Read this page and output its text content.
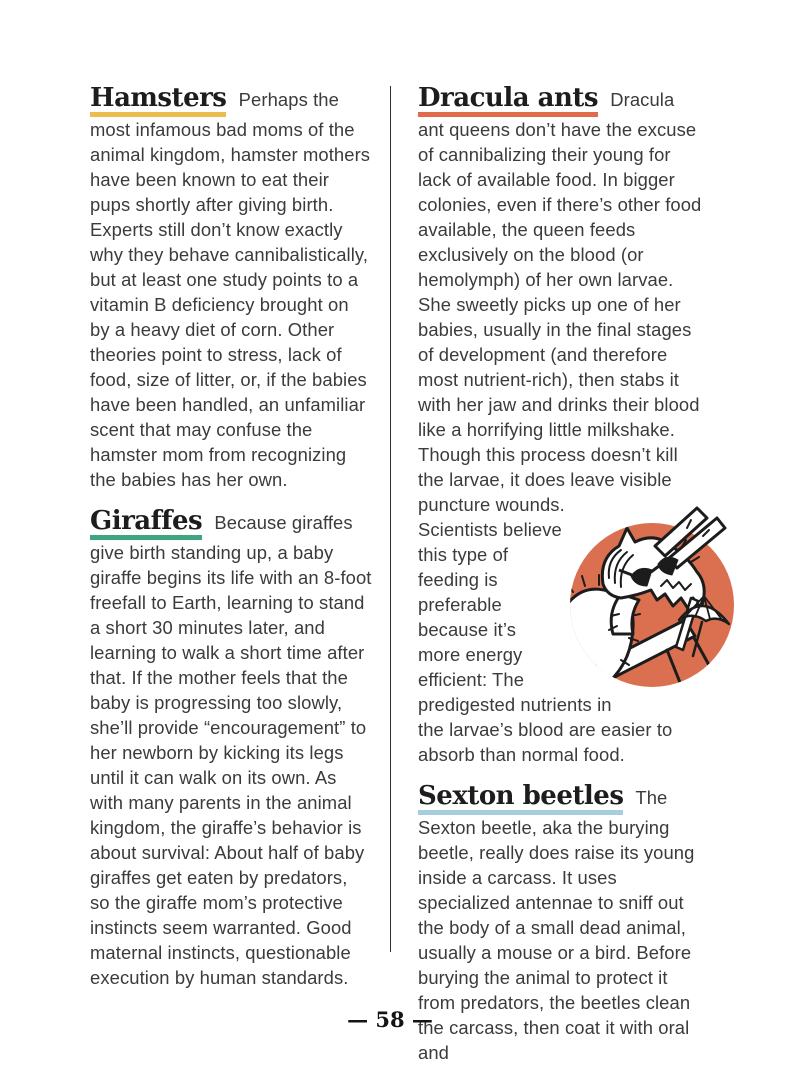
Hamsters Perhaps the most infamous bad moms of the animal kingdom, hamster mothers have been known to eat their pups shortly after giving birth. Experts still don’t know exactly why they behave cannibalistically, but at least one study points to a vitamin B deficiency brought on by a heavy diet of corn. Other theories point to stress, lack of food, size of litter, or, if the babies have been handled, an unfamiliar scent that may confuse the hamster mom from recognizing the babies has her own.

Giraffes Because giraffes give birth standing up, a baby giraffe begins its life with an 8-foot freefall to Earth, learning to stand a short 30 minutes later, and learning to walk a short time after that. If the mother feels that the baby is progressing too slowly, she’ll provide “encouragement” to her newborn by kicking its legs until it can walk on its own. As with many parents in the animal kingdom, the giraffe’s behavior is about survival: About half of baby giraffes get eaten by predators, so the giraffe mom’s protective instincts seem warranted. Good maternal instincts, questionable execution by human standards.

Dracula ants Dracula ant queens don’t have the excuse of cannibalizing their young for lack of available food. In bigger colonies, even if there’s other food available, the queen feeds exclusively on the blood (or hemolymph) of her own larvae. She sweetly picks up one of her babies, usually in the final stages of development (and therefore most nutrient-rich), then stabs it with her jaw and drinks their blood like a horrifying little milkshake. Though this process doesn’t kill the larvae, it does leave visible puncture wounds. Scientists believe this type of feeding is preferable because it’s more energy efficient: The predigested nutrients in the larvae’s blood are easier to absorb than normal food.

Sexton beetles The Sexton beetle, aka the burying beetle, really does raise its young inside a carcass. It uses specialized antennae to sniff out the body of a small dead animal, usually a mouse or a bird. Before burying the animal to protect it from predators, the beetles clean the carcass, then coat it with oral and

— 58 —
